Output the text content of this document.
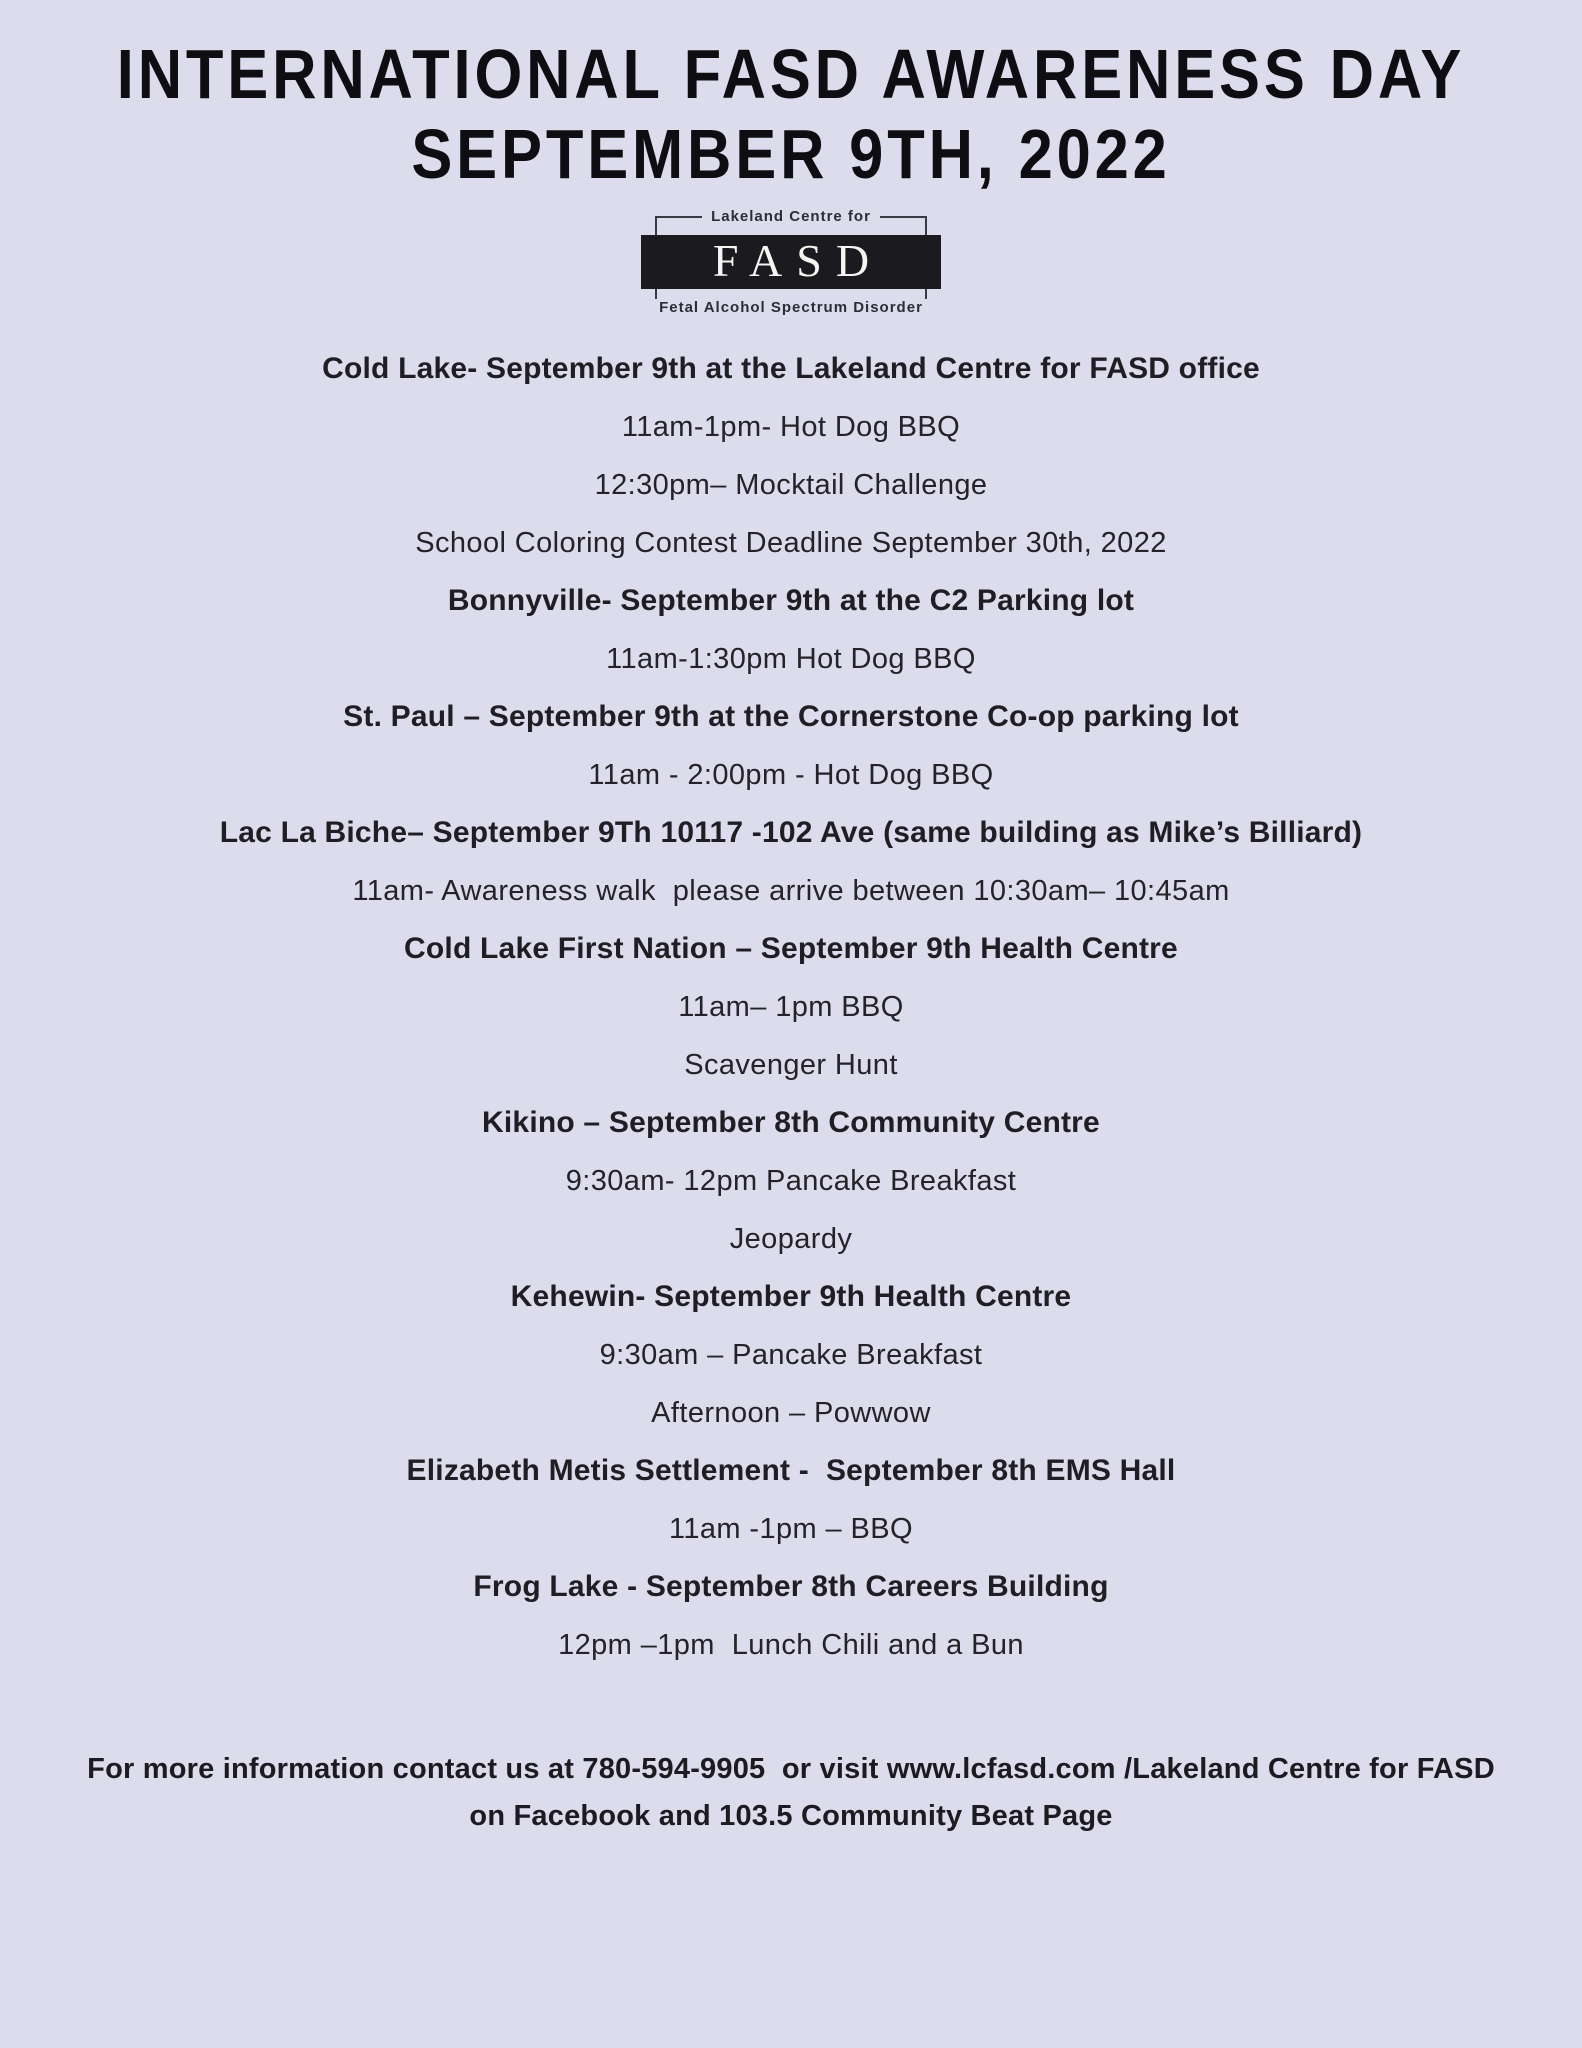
INTERNATIONAL FASD AWARENESS DAY
SEPTEMBER 9TH, 2022
Lakeland Centre for
FASD
Fetal Alcohol Spectrum Disorder
Cold Lake- September 9th at the Lakeland Centre for FASD office
11am-1pm- Hot Dog BBQ
12:30pm– Mocktail Challenge
School Coloring Contest Deadline September 30th, 2022
Bonnyville- September 9th at the C2 Parking lot
11am-1:30pm Hot Dog BBQ
St. Paul – September 9th at the Cornerstone Co-op parking lot
11am - 2:00pm - Hot Dog BBQ
Lac La Biche– September 9Th 10117 -102 Ave (same building as Mike’s Billiard)
11am- Awareness walk  please arrive between 10:30am– 10:45am
Cold Lake First Nation – September 9th Health Centre
11am– 1pm BBQ
Scavenger Hunt
Kikino – September 8th Community Centre
9:30am- 12pm Pancake Breakfast
Jeopardy
Kehewin- September 9th Health Centre
9:30am – Pancake Breakfast
Afternoon – Powwow
Elizabeth Metis Settlement -  September 8th EMS Hall
11am -1pm – BBQ
Frog Lake - September 8th Careers Building
12pm –1pm  Lunch Chili and a Bun

For more information contact us at 780-594-9905  or visit www.lcfasd.com /Lakeland Centre for FASD

on Facebook and 103.5 Community Beat Page
